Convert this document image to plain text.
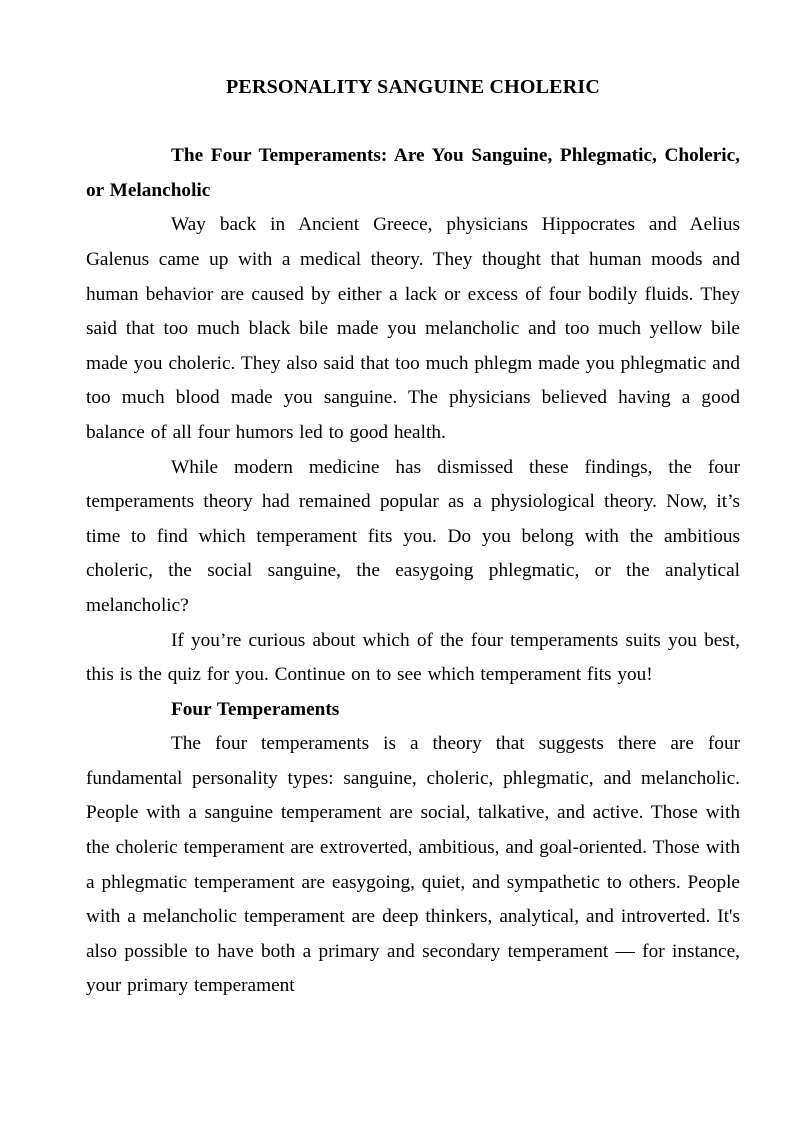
PERSONALITY SANGUINE CHOLERIC

The Four Temperaments: Are You Sanguine, Phlegmatic, Choleric, or Melancholic

Way back in Ancient Greece, physicians Hippocrates and Aelius Galenus came up with a medical theory. They thought that human moods and human behavior are caused by either a lack or excess of four bodily fluids. They said that too much black bile made you melancholic and too much yellow bile made you choleric. They also said that too much phlegm made you phlegmatic and too much blood made you sanguine. The physicians believed having a good balance of all four humors led to good health.

While modern medicine has dismissed these findings, the four temperaments theory had remained popular as a physiological theory. Now, it’s time to find which temperament fits you. Do you belong with the ambitious choleric, the social sanguine, the easygoing phlegmatic, or the analytical melancholic?

If you’re curious about which of the four temperaments suits you best, this is the quiz for you. Continue on to see which temperament fits you!

Four Temperaments

The four temperaments is a theory that suggests there are four fundamental personality types: sanguine, choleric, phlegmatic, and melancholic. People with a sanguine temperament are social, talkative, and active. Those with the choleric temperament are extroverted, ambitious, and goal-oriented. Those with a phlegmatic temperament are easygoing, quiet, and sympathetic to others. People with a melancholic temperament are deep thinkers, analytical, and introverted. It's also possible to have both a primary and secondary temperament — for instance, your primary temperament
